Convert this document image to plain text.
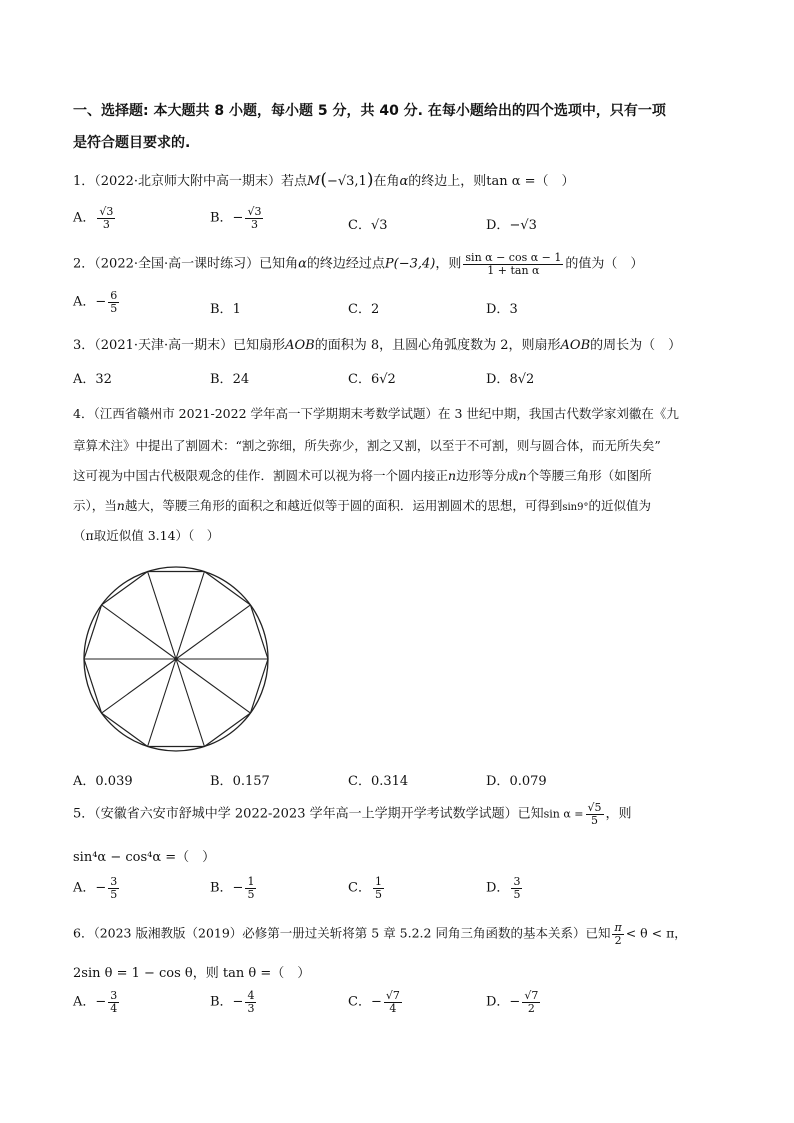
一、选择题: 本大题共 8 小题，每小题 5 分，共 40 分. 在每小题给出的四个选项中，只有一项
是符合题目要求的.
1．（2022·北京师大附中高一期末）若点M(−√3,1)在角α的终边上，则tan α =（　）
A． $\frac{√3}{3}$	B．− $\frac{√3}{3}$	C．√3	D．−√3
2．（2022·全国·高一课时练习）已知角α的终边经过点P(−3,4)，则 $\frac{\text{sin α − cos α − 1}}{\text{1 + tan α}}$ 的值为（　）
A．− $\frac{6}{5}$	B．1	C．2	D．3
3．（2021·天津·高一期末）已知扇形AOB的面积为 8，且圆心角弧度数为 2，则扇形AOB的周长为（　）
A．32	B．24	C．6√2	D．8√2
4．（江西省赣州市 2021-2022 学年高一下学期期末考数学试题）在 3 世纪中期，我国古代数学家刘徽在《九
章算术注》中提出了割圆术：“割之弥细，所失弥少，割之又割，以至于不可割，则与圆合体，而无所失矣”
这可视为中国古代极限观念的佳作．割圆术可以视为将一个圆内接正n边形等分成n个等腰三角形（如图所
示），当n越大，等腰三角形的面积之和越近似等于圆的面积．运用割圆术的思想，可得到sin9°的近似值为
（π取近似值 3.14）（　）
A．0.039	B．0.157	C．0.314	D．0.079
5．（安徽省六安市舒城中学 2022-2023 学年高一上学期开学考试数学试题）已知$\sin \alpha = \frac{√5}{5}$ ，则
sin⁴α − cos⁴α =（　）
A．− $\frac{3}{5}$	B．− $\frac{1}{5}$	C． $\frac{1}{5}$	D． $\frac{3}{5}$
6．（2023 版湘教版（2019）必修第一册过关斩将第 5 章 5.2.2 同角三角函数的基本关系）已知 $\frac{\pi}{2} < \theta < \pi$，
2sin θ = 1 − cos θ，则 tan θ =（　）
A．− $\frac{3}{4}$	B．− $\frac{4}{3}$	C．− $\frac{√7}{4}$	D．− $\frac{√7}{2}$
